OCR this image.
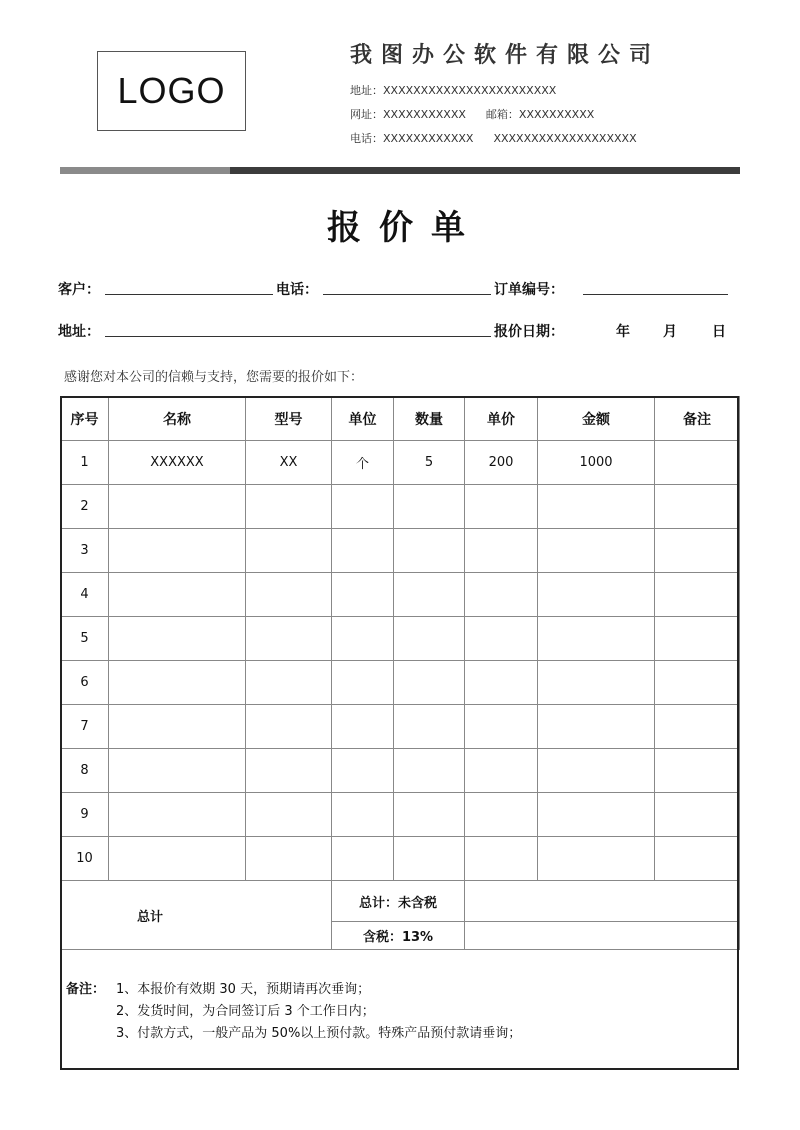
LOGO
我图办公软件有限公司
地址：XXXXXXXXXXXXXXXXXXXXXXX
网址：XXXXXXXXXXX 邮箱：XXXXXXXXXX
电话：XXXXXXXXXXXX XXXXXXXXXXXXXXXXXXX
报价单
客户：	电话：	订单编号：
地址：	报价日期：	年 月	日
感谢您对本公司的信赖与支持，您需要的报价如下：
序号	名称	型号	单位	数量	单价	金额	备注
1	XXXXXX	XX	个	5	200	1000	
2							
3							
4							
5							
6							
7							
8							
9							
10							
总计			总计：未含税				
			含税：13%				
备注： 1、本报价有效期 30 天，预期请再次垂询；
2、发货时间，为合同签订后 3 个工作日内；
3、付款方式，一般产品为 50%以上预付款。特殊产品预付款请垂询；
